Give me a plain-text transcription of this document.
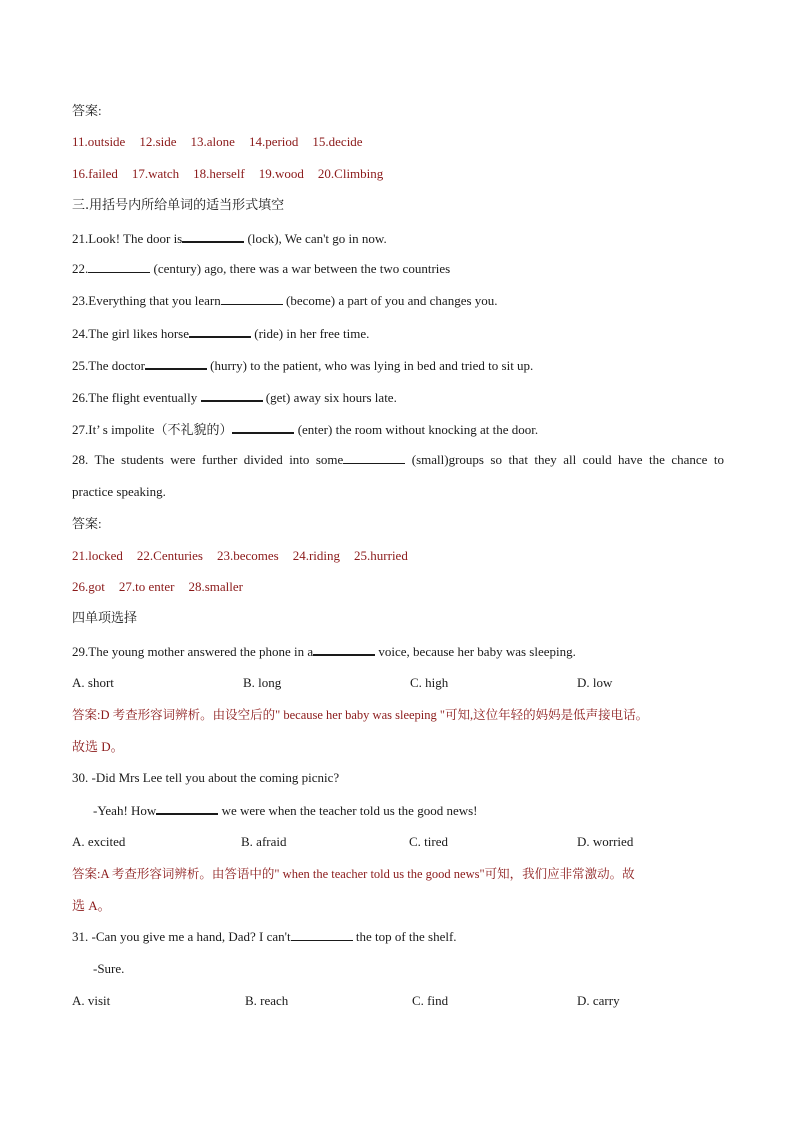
答案:
11.outside 12.side 13.alone 14.period 15.decide
16.failed 17.watch 18.herself 19.wood 20.Climbing
三.用括号内所给单词的适当形式填空
21.Look! The door is	(lock), We can't go in now.
22.	(century) ago, there was a war between the two countries
23.Everything that you learn	(become) a part of you and changes you.
24.The girl likes horse	(ride) in her free time.
25.The doctor	(hurry) to the patient, who was lying in bed and tried to sit up.
26.The flight eventually	(get) away six hours late.
27.It’ s impolite（不礼貌的）	(enter) the room without knocking at the door.
28. The students were further divided into some	(small)groups so that they all could have the chance to
practice speaking.
答案:
21.locked 22.Centuries 23.becomes 24.riding 25.hurried
26.got 27.to enter 28.smaller
四单项选择
29.The young mother answered the phone in a	voice, because her baby was sleeping.
A. short	B. long	C. high	D. low
答案:D 考查形容词辨析。由设空后的" because her baby was sleeping "可知,这位年轻的妈妈是低声接电话。
故选 D。
30. -Did Mrs Lee tell you about the coming picnic?
-Yeah! How	we were when the teacher told us the good news!
A. excited	B. afraid	C. tired	D. worried
答案:A 考查形容词辨析。由答语中的" when the teacher told us the good news"可知，我们应非常激动。故
选 A。
31. -Can you give me a hand, Dad? I can't	the top of the shelf.
-Sure.
A. visit	B. reach	C. find	D. carry
